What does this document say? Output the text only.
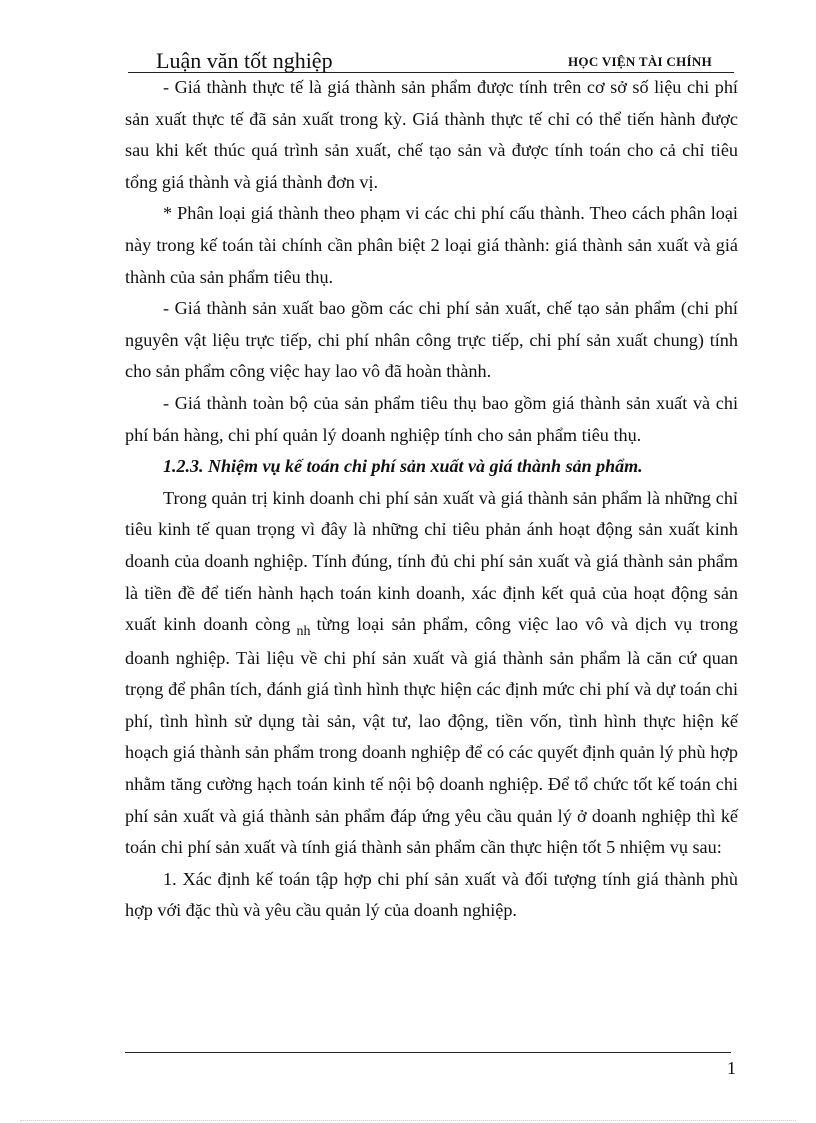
Luận văn tốt nghiệp	HỌC VIỆN TÀI CHÍNH

- Giá thành thực tế là giá thành sản phẩm được tính trên cơ sở số liệu chi phí sản xuất thực tế đã sản xuất trong kỳ. Giá thành thực tế chỉ có thể tiến hành được sau khi kết thúc quá trình sản xuất, chế tạo sản và được tính toán cho cả chỉ tiêu tổng giá thành và giá thành đơn vị.

* Phân loại giá thành theo phạm vi các chi phí cấu thành. Theo cách phân loại này trong kế toán tài chính cần phân biệt 2 loại giá thành: giá thành sản xuất và giá thành của sản phẩm tiêu thụ.

- Giá thành sản xuất bao gồm các chi phí sản xuất, chế tạo sản phẩm (chi phí nguyên vật liệu trực tiếp, chi phí nhân công trực tiếp, chi phí sản xuất chung) tính cho sản phẩm công việc hay lao vô đã hoàn thành.

- Giá thành toàn bộ của sản phẩm tiêu thụ bao gồm giá thành sản xuất và chi phí bán hàng, chi phí quản lý doanh nghiệp tính cho sản phẩm tiêu thụ.

1.2.3. Nhiệm vụ kế toán chi phí sản xuất và giá thành sản phẩm.

Trong quản trị kinh doanh chi phí sản xuất và giá thành sản phẩm là những chỉ tiêu kinh tế quan trọng vì đây là những chỉ tiêu phản ánh hoạt động sản xuất kinh doanh của doanh nghiệp. Tính đúng, tính đủ chi phí sản xuất và giá thành sản phẩm là tiền đề để tiến hành hạch toán kinh doanh, xác định kết quả của hoạt động sản xuất kinh doanh còng $_{nh}$ từng loại sản phẩm, công việc lao vô và dịch vụ trong doanh nghiệp. Tài liệu về chi phí sản xuất và giá thành sản phẩm là căn cứ quan trọng để phân tích, đánh giá tình hình thực hiện các định mức chi phí và dự toán chi phí, tình hình sử dụng tài sản, vật tư, lao động, tiền vốn, tình hình thực hiện kế hoạch giá thành sản phẩm trong doanh nghiệp để có các quyết định quản lý phù hợp nhằm tăng cường hạch toán kinh tế nội bộ doanh nghiệp. Để tổ chức tốt kế toán chi phí sản xuất và giá thành sản phẩm đáp ứng yêu cầu quản lý ở doanh nghiệp thì kế toán chi phí sản xuất và tính giá thành sản phẩm cần thực hiện tốt 5 nhiệm vụ sau:

1. Xác định kế toán tập hợp chi phí sản xuất và đối tượng tính giá thành phù hợp với đặc thù và yêu cầu quản lý của doanh nghiệp.

1
